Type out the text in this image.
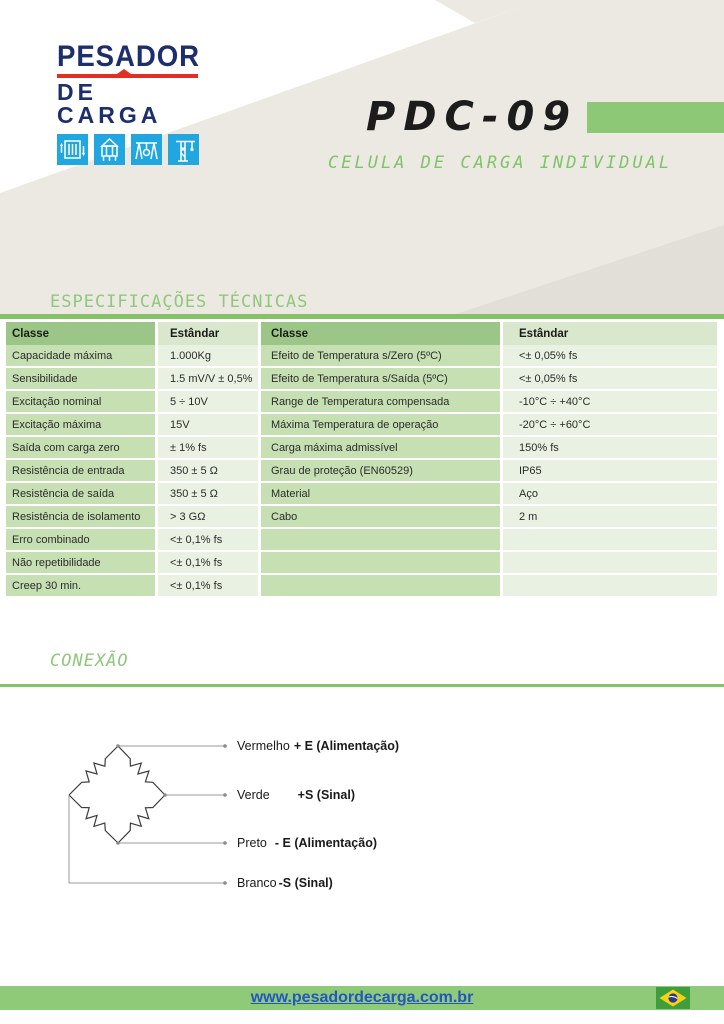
PESADOR
DE CARGA	PDC-09
CELULA DE CARGA INDIVIDUAL
ESPECIFICAÇÕES TÉCNICAS
Classe	Estândar	Classe	Estândar
Capacidade máxima	1.000Kg	Efeito de Temperatura s/Zero (5ºC)	<± 0,05% fs
Sensibilidade	1.5 mV/V ± 0,5%	Efeito de Temperatura s/Saída (5ºC)	<± 0,05% fs
Excitação nominal	5 ÷ 10V	Range de Temperatura compensada	-10°C ÷ +40°C
Excitação máxima	15V	Máxima Temperatura de operação	-20°C ÷ +60°C
Saída com carga zero	± 1% fs	Carga máxima admissível	150% fs
Resistência de entrada	350 ± 5 Ω	Grau de proteção (EN60529)	IP65
Resistência de saída	350 ± 5 Ω	Material	Aço
Resistência de isolamento	> 3 GΩ	Cabo	2 m
Erro combinado	<± 0,1% fs
Não repetibilidade	<± 0,1% fs
Creep 30 min.	<± 0,1% fs
CONEXÃO
Vermelho + E (Alimentação)
Verde +S (Sinal)
Preto - E (Alimentação)
Branco -S (Sinal)
www.pesadordecarga.com.br
